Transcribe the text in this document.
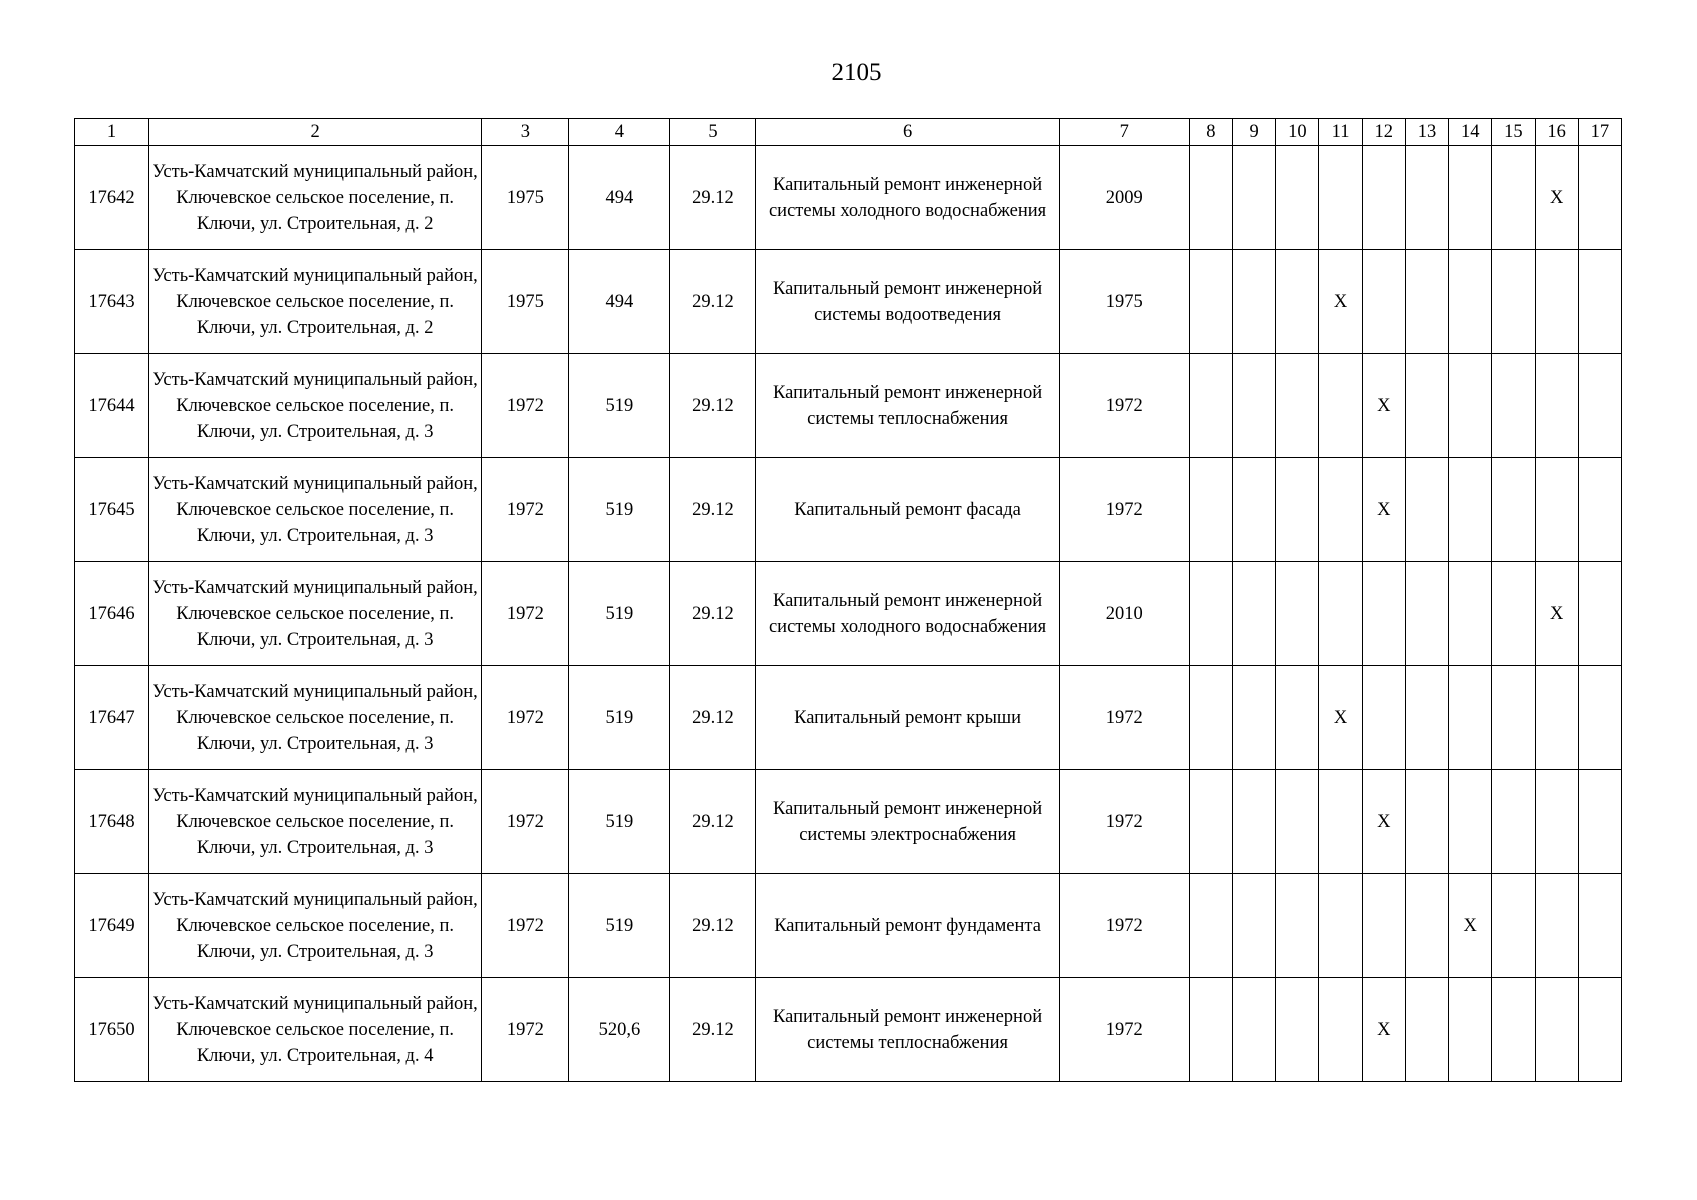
2105
1	2	3	4	5	6	7	8	9	10	11	12	13	14	15	16	17
17642	Усть-Камчатский муниципальный район, Ключевское сельское поселение, п. Ключи, ул. Строительная, д. 2	1975	494	29.12	Капитальный ремонт инженерной системы холодного водоснабжения	2009									X	
17643	Усть-Камчатский муниципальный район, Ключевское сельское поселение, п. Ключи, ул. Строительная, д. 2	1975	494	29.12	Капитальный ремонт инженерной системы водоотведения	1975				X						
17644	Усть-Камчатский муниципальный район, Ключевское сельское поселение, п. Ключи, ул. Строительная, д. 3	1972	519	29.12	Капитальный ремонт инженерной системы теплоснабжения	1972					X					
17645	Усть-Камчатский муниципальный район, Ключевское сельское поселение, п. Ключи, ул. Строительная, д. 3	1972	519	29.12	Капитальный ремонт фасада	1972					X					
17646	Усть-Камчатский муниципальный район, Ключевское сельское поселение, п. Ключи, ул. Строительная, д. 3	1972	519	29.12	Капитальный ремонт инженерной системы холодного водоснабжения	2010									X	
17647	Усть-Камчатский муниципальный район, Ключевское сельское поселение, п. Ключи, ул. Строительная, д. 3	1972	519	29.12	Капитальный ремонт крыши	1972				X						
17648	Усть-Камчатский муниципальный район, Ключевское сельское поселение, п. Ключи, ул. Строительная, д. 3	1972	519	29.12	Капитальный ремонт инженерной системы электроснабжения	1972					X					
17649	Усть-Камчатский муниципальный район, Ключевское сельское поселение, п. Ключи, ул. Строительная, д. 3	1972	519	29.12	Капитальный ремонт фундамента	1972							X			
17650	Усть-Камчатский муниципальный район, Ключевское сельское поселение, п. Ключи, ул. Строительная, д. 4	1972	520,6	29.12	Капитальный ремонт инженерной системы теплоснабжения	1972					X					
